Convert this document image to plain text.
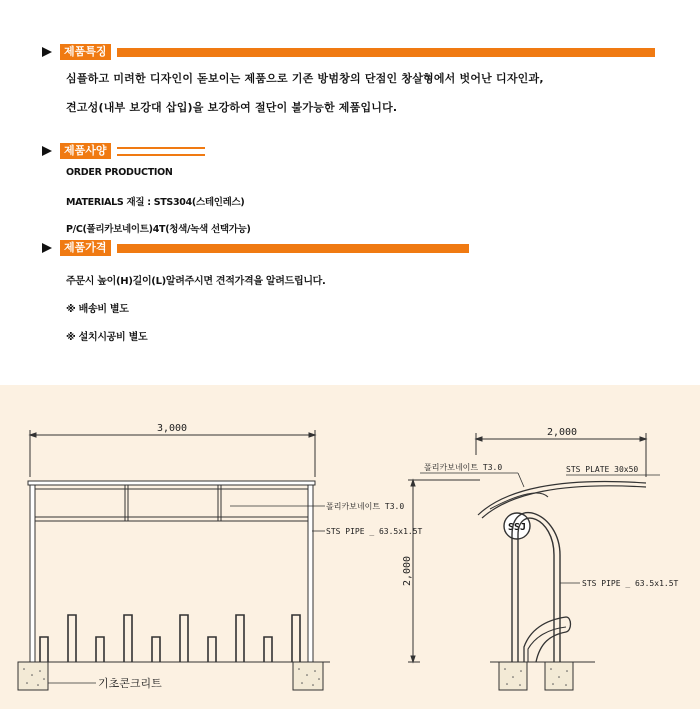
제품특징
심플하고 미려한 디자인이 돋보이는 제품으로 기존 방범창의 단점인 창살형에서 벗어난 디자인과,
견고성(내부 보강대 삽입)을 보강하여 절단이 불가능한 제품입니다.
제품사양
ORDER PRODUCTION
MATERIALS 재질 : STS304(스테인레스)
P/C(폴리카보네이트)4T(청색/녹색 선택가능)
제품가격
주문시 높이(H)길이(L)알려주시면 견적가격을 알려드립니다.
※ 배송비 별도
※ 설치시공비 별도
3,000
폴리카보네이트 T3.0
STS PIPE _ 63.5x1.5T
기초콘크리트
2,000
2,000
SSJ
폴리카보네이트 T3.0	STS PLATE 30x50
STS PIPE _ 63.5x1.5T
